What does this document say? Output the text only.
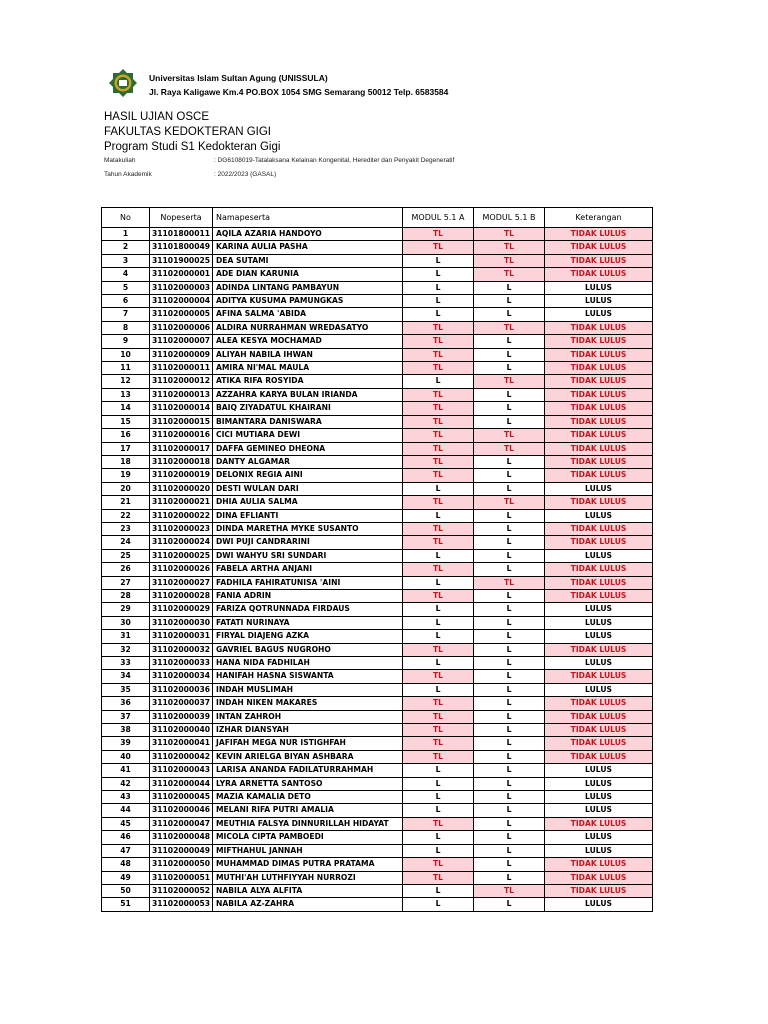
Universitas Islam Sultan Agung (UNISSULA)
Jl. Raya Kaligawe Km.4 PO.BOX 1054 SMG Semarang 50012 Telp. 6583584
HASIL UJIAN OSCE
FAKULTAS KEDOKTERAN GIGI
Program Studi S1 Kedokteran Gigi
Matakuliah	: DG6108019-Tatalaksana Kelainan Kongenital, Herediter dan Penyakit Degeneratif
Tahun Akademik	: 2022/2023 (GASAL)
No	Nopeserta	Namapeserta	MODUL 5.1 A	MODUL 5.1 B	Keterangan
1	31101800011	AQILA AZARIA HANDOYO	TL	TL	TIDAK LULUS
2	31101800049	KARINA AULIA PASHA	TL	TL	TIDAK LULUS
3	31101900025	DEA SUTAMI	L	TL	TIDAK LULUS
4	31102000001	ADE DIAN KARUNIA	L	TL	TIDAK LULUS
5	31102000003	ADINDA LINTANG PAMBAYUN	L	L	LULUS
6	31102000004	ADITYA KUSUMA PAMUNGKAS	L	L	LULUS
7	31102000005	AFINA SALMA 'ABIDA	L	L	LULUS
8	31102000006	ALDIRA NURRAHMAN WREDASATYO	TL	TL	TIDAK LULUS
9	31102000007	ALEA KESYA MOCHAMAD	TL	L	TIDAK LULUS
10	31102000009	ALIYAH NABILA IHWAN	TL	L	TIDAK LULUS
11	31102000011	AMIRA NI'MAL MAULA	TL	L	TIDAK LULUS
12	31102000012	ATIKA RIFA ROSYIDA	L	TL	TIDAK LULUS
13	31102000013	AZZAHRA KARYA BULAN IRIANDA	TL	L	TIDAK LULUS
14	31102000014	BAIQ ZIYADATUL KHAIRANI	TL	L	TIDAK LULUS
15	31102000015	BIMANTARA DANISWARA	TL	L	TIDAK LULUS
16	31102000016	CICI MUTIARA DEWI	TL	TL	TIDAK LULUS
17	31102000017	DAFFA GEMINEO DHEONA	TL	TL	TIDAK LULUS
18	31102000018	DANTY ALGAMAR	TL	L	TIDAK LULUS
19	31102000019	DELONIX REGIA AINI	TL	L	TIDAK LULUS
20	31102000020	DESTI WULAN DARI	L	L	LULUS
21	31102000021	DHIA AULIA SALMA	TL	TL	TIDAK LULUS
22	31102000022	DINA EFLIANTI	L	L	LULUS
23	31102000023	DINDA MARETHA MYKE SUSANTO	TL	L	TIDAK LULUS
24	31102000024	DWI PUJI CANDRARINI	TL	L	TIDAK LULUS
25	31102000025	DWI WAHYU SRI SUNDARI	L	L	LULUS
26	31102000026	FABELA ARTHA ANJANI	TL	L	TIDAK LULUS
27	31102000027	FADHILA FAHIRATUNISA 'AINI	L	TL	TIDAK LULUS
28	31102000028	FANIA ADRIN	TL	L	TIDAK LULUS
29	31102000029	FARIZA QOTRUNNADA FIRDAUS	L	L	LULUS
30	31102000030	FATATI NURINAYA	L	L	LULUS
31	31102000031	FIRYAL DIAJENG AZKA	L	L	LULUS
32	31102000032	GAVRIEL BAGUS NUGROHO	TL	L	TIDAK LULUS
33	31102000033	HANA NIDA FADHILAH	L	L	LULUS
34	31102000034	HANIFAH HASNA SISWANTA	TL	L	TIDAK LULUS
35	31102000036	INDAH MUSLIMAH	L	L	LULUS
36	31102000037	INDAH NIKEN MAKARES	TL	L	TIDAK LULUS
37	31102000039	INTAN ZAHROH	TL	L	TIDAK LULUS
38	31102000040	IZHAR DIANSYAH	TL	L	TIDAK LULUS
39	31102000041	JAFIFAH MEGA NUR ISTIGHFAH	TL	L	TIDAK LULUS
40	31102000042	KEVIN ARIELGA BIYAN ASHBARA	TL	L	TIDAK LULUS
41	31102000043	LARISA ANANDA FADILATURRAHMAH	L	L	LULUS
42	31102000044	LYRA ARNETTA SANTOSO	L	L	LULUS
43	31102000045	MAZIA KAMALIA DETO	L	L	LULUS
44	31102000046	MELANI RIFA PUTRI AMALIA	L	L	LULUS
45	31102000047	MEUTHIA FALSYA DINNURILLAH HIDAYAT	TL	L	TIDAK LULUS
46	31102000048	MICOLA CIPTA PAMBOEDI	L	L	LULUS
47	31102000049	MIFTHAHUL JANNAH	L	L	LULUS
48	31102000050	MUHAMMAD DIMAS PUTRA PRATAMA	TL	L	TIDAK LULUS
49	31102000051	MUTHI'AH LUTHFIYYAH NURROZI	TL	L	TIDAK LULUS
50	31102000052	NABILA ALYA ALFITA	L	TL	TIDAK LULUS
51	31102000053	NABILA AZ-ZAHRA	L	L	LULUS
